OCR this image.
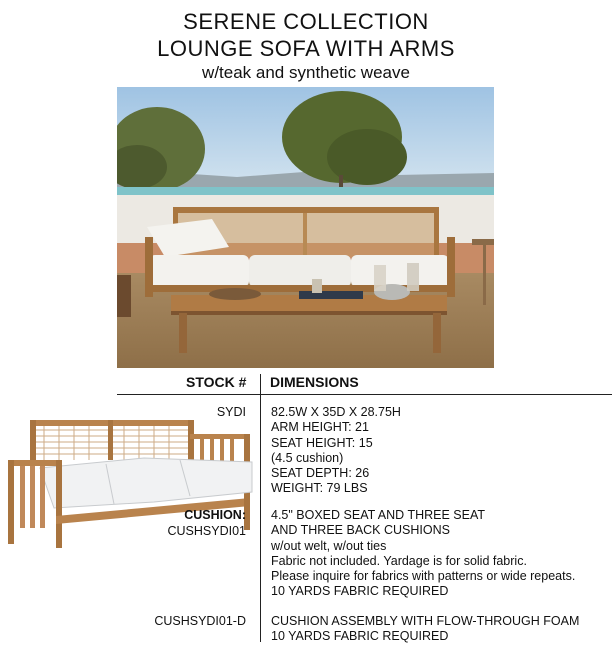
SERENE COLLECTION
LOUNGE SOFA WITH ARMS
w/teak and synthetic weave
STOCK # DIMENSIONS
SYDI 82.5W X 35D X 28.75H
ARM HEIGHT: 21
SEAT HEIGHT: 15
(4.5 cushion)
SEAT DEPTH: 26
WEIGHT: 79 LBS
CUSHION:
CUSHSYDI01
4.5" BOXED SEAT AND THREE SEAT
AND THREE BACK CUSHIONS
w/out welt, w/out ties
Fabric not included. Yardage is for solid fabric.
Please inquire for fabrics with patterns or wide repeats.
10 YARDS FABRIC REQUIRED
CUSHSYDI01-D CUSHION ASSEMBLY WITH FLOW-THROUGH FOAM
10 YARDS FABRIC REQUIRED
